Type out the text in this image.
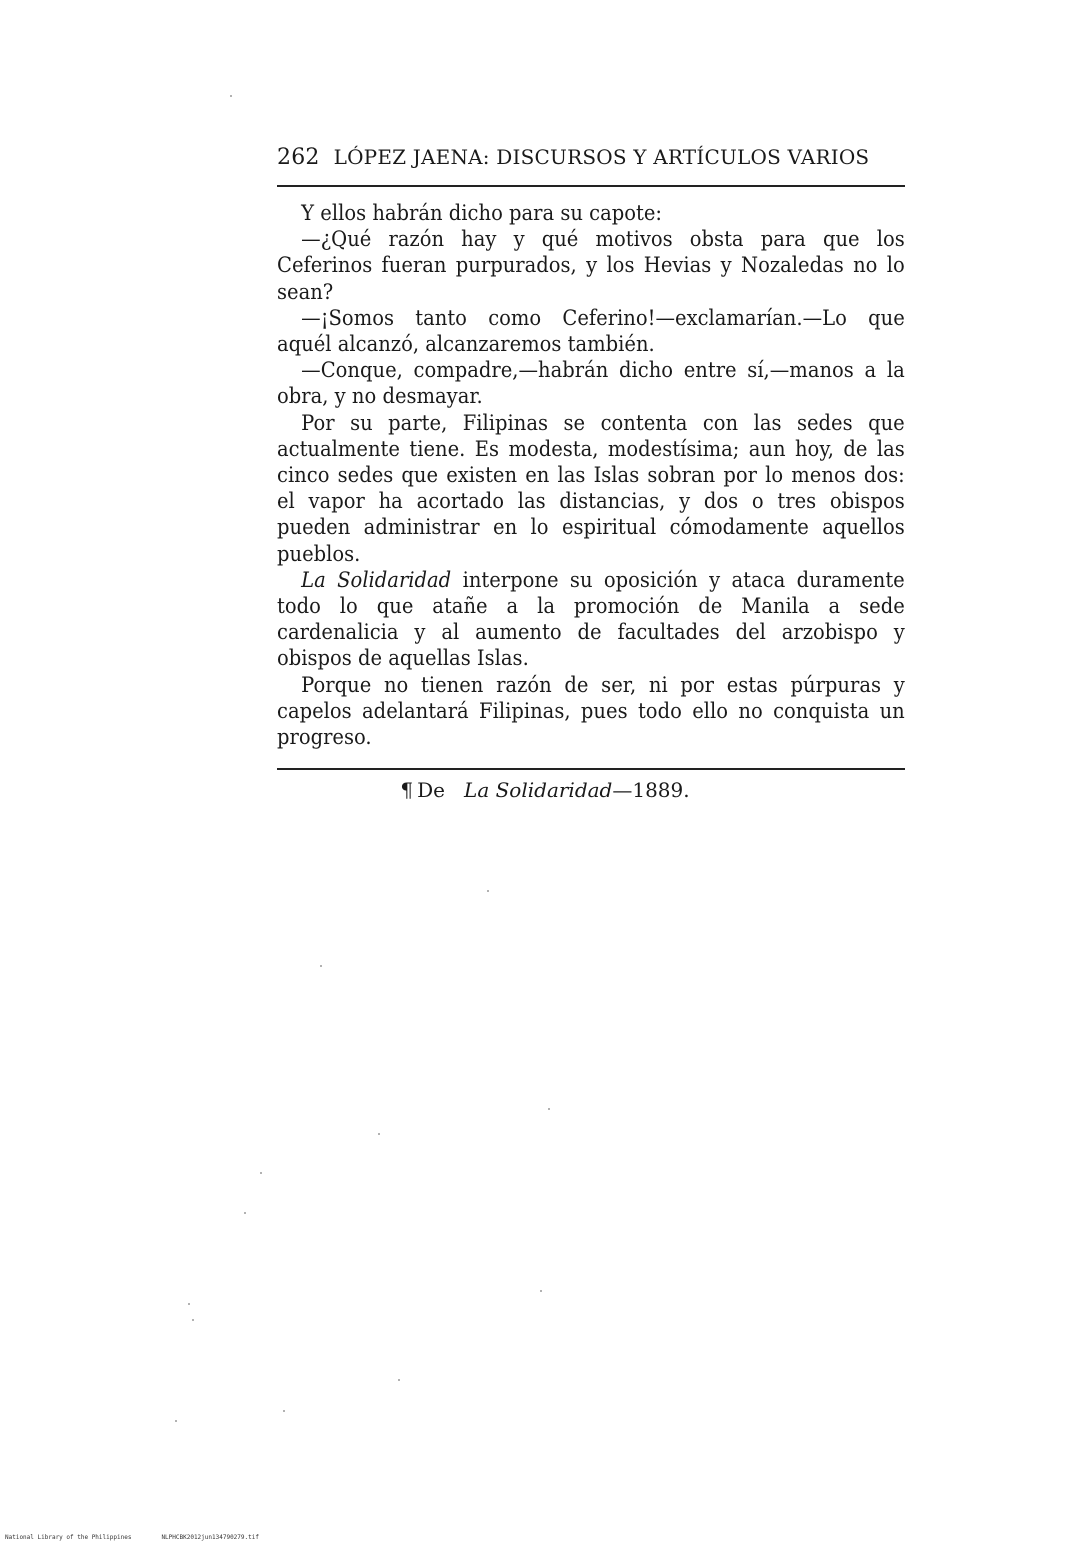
262 LÓPEZ JAENA: DISCURSOS Y ARTÍCULOS VARIOS

Y ellos habrán dicho para su capote:

—¿Qué razón hay y qué motivos obsta para que los Ceferinos fueran purpurados, y los Hevias y Nozaledas no lo sean?

—¡Somos tanto como Ceferino!—exclamarían.—Lo que aquél alcanzó, alcanzaremos también.

—Conque, compadre,—habrán dicho entre sí,—manos a la obra, y no desmayar.

Por su parte, Filipinas se contenta con las sedes que actualmente tiene. Es modesta, modestísima; aun hoy, de las cinco sedes que existen en las Islas sobran por lo menos dos: el vapor ha acortado las distancias, y dos o tres obispos pueden administrar en lo espiritual cómodamente aquellos pueblos.

La Solidaridad interpone su oposición y ataca duramente todo lo que atañe a la promoción de Manila a sede cardenalicia y al aumento de facultades del arzobispo y obispos de aquellas Islas.

Porque no tienen razón de ser, ni por estas púrpuras y capelos adelantará Filipinas, pues todo ello no conquista un progreso.

¶ De La Solidaridad—1889.
National Library of the Philippines	NLPHCBK2012jun134790279.tif
